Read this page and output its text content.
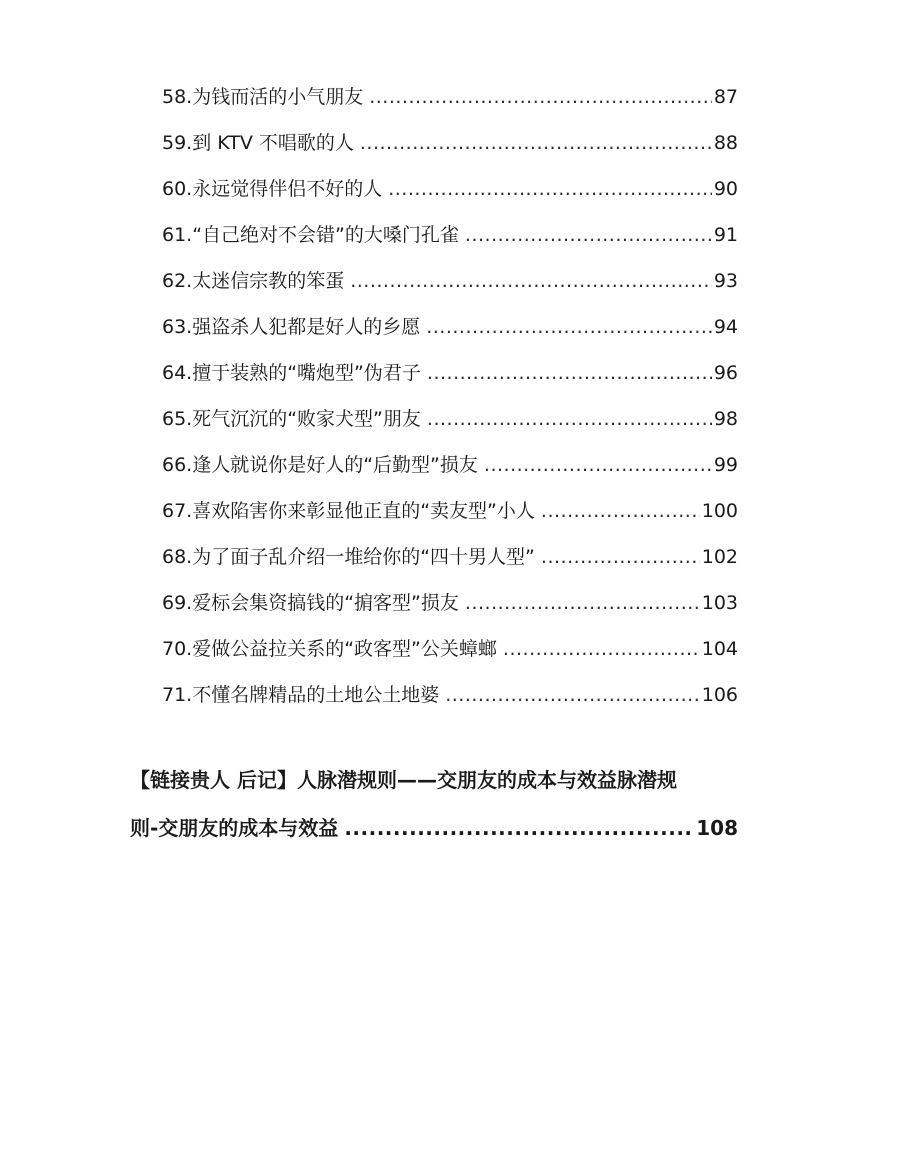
58.为钱而活的小气朋友 .....	87
59.到 KTV 不唱歌的人 .....	88
60.永远觉得伴侣不好的人 .....	90
61.“自己绝对不会错”的大嗓门孔雀 .....	91
62.太迷信宗教的笨蛋 .....	93
63.强盗杀人犯都是好人的乡愿 .....	94
64.擅于装熟的“嘴炮型”伪君子 .....	96
65.死气沉沉的“败家犬型”朋友 .....	98
66.逢人就说你是好人的“后勤型”损友 .....	99
67.喜欢陷害你来彰显他正直的“卖友型”小人 .....	100
68.为了面子乱介绍一堆给你的“四十男人型” .....	102
69.爱标会集资搞钱的“掮客型”损友 .....	103
70.爱做公益拉关系的“政客型”公关蟑螂 .....	104
71.不懂名牌精品的土地公土地婆 .....	106
【链接贵人 后记】人脉潜规则——交朋友的成本与效益脉潜规
则-交朋友的成本与效益 .....	108
